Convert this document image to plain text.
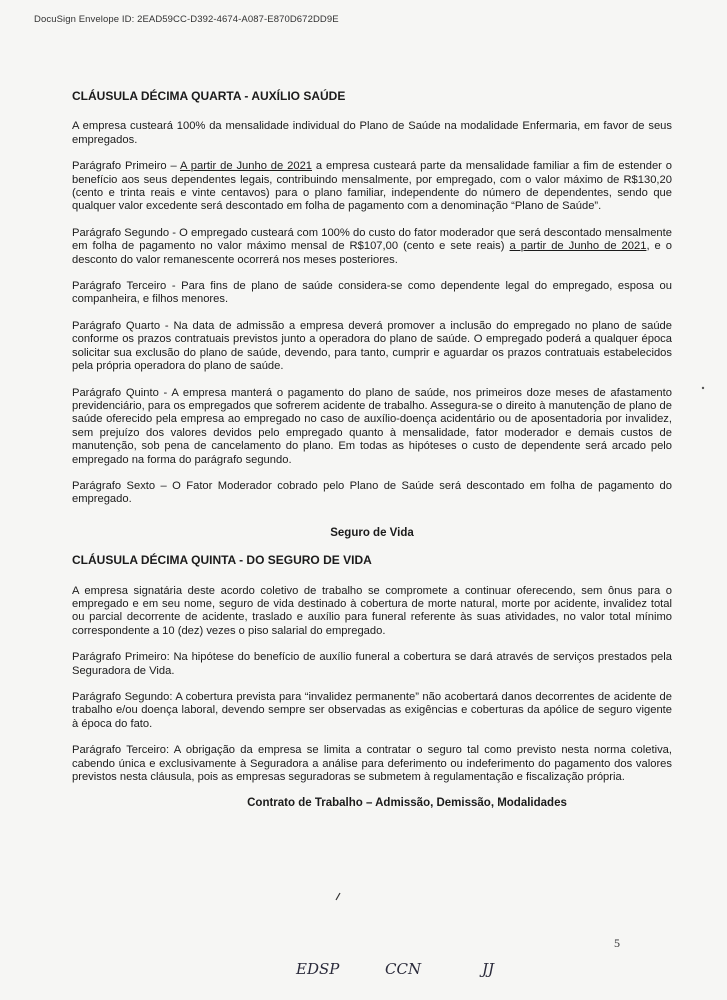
DocuSign Envelope ID: 2EAD59CC-D392-4674-A087-E870D672DD9E
CLÁUSULA DÉCIMA QUARTA - AUXÍLIO SAÚDE

A empresa custeará 100% da mensalidade individual do Plano de Saúde na modalidade Enfermaria, em favor de seus empregados.

Parágrafo Primeiro – A partir de Junho de 2021 a empresa custeará parte da mensalidade familiar a fim de estender o benefício aos seus dependentes legais, contribuindo mensalmente, por empregado, com o valor máximo de R$130,20 (cento e trinta reais e vinte centavos) para o plano familiar, independente do número de dependentes, sendo que qualquer valor excedente será descontado em folha de pagamento com a denominação “Plano de Saúde”.

Parágrafo Segundo - O empregado custeará com 100% do custo do fator moderador que será descontado mensalmente em folha de pagamento no valor máximo mensal de R$107,00 (cento e sete reais) a partir de Junho de 2021, e o desconto do valor remanescente ocorrerá nos meses posteriores.

Parágrafo Terceiro - Para fins de plano de saúde considera-se como dependente legal do empregado, esposa ou companheira, e filhos menores.

Parágrafo Quarto - Na data de admissão a empresa deverá promover a inclusão do empregado no plano de saúde conforme os prazos contratuais previstos junto a operadora do plano de saúde. O empregado poderá a qualquer época solicitar sua exclusão do plano de saúde, devendo, para tanto, cumprir e aguardar os prazos contratuais estabelecidos pela própria operadora do plano de saúde.

Parágrafo Quinto - A empresa manterá o pagamento do plano de saúde, nos primeiros doze meses de afastamento previdenciário, para os empregados que sofrerem acidente de trabalho. Assegura-se o direito à manutenção de plano de saúde oferecido pela empresa ao empregado no caso de auxílio-doença acidentário ou de aposentadoria por invalidez, sem prejuízo dos valores devidos pelo empregado quanto à mensalidade, fator moderador e demais custos de manutenção, sob pena de cancelamento do plano. Em todas as hipóteses o custo de dependente será arcado pelo empregado na forma do parágrafo segundo.

Parágrafo Sexto – O Fator Moderador cobrado pelo Plano de Saúde será descontado em folha de pagamento do empregado.

Seguro de Vida
CLÁUSULA DÉCIMA QUINTA - DO SEGURO DE VIDA

A empresa signatária deste acordo coletivo de trabalho se compromete a continuar oferecendo, sem ônus para o empregado e em seu nome, seguro de vida destinado à cobertura de morte natural, morte por acidente, invalidez total ou parcial decorrente de acidente, traslado e auxílio para funeral referente às suas atividades, no valor total mínimo correspondente a 10 (dez) vezes o piso salarial do empregado.

Parágrafo Primeiro: Na hipótese do benefício de auxílio funeral a cobertura se dará através de serviços prestados pela Seguradora de Vida.

Parágrafo Segundo: A cobertura prevista para “invalidez permanente” não acobertará danos decorrentes de acidente de trabalho e/ou doença laboral, devendo sempre ser observadas as exigências e coberturas da apólice de seguro vigente à época do fato.

Parágrafo Terceiro: A obrigação da empresa se limita a contratar o seguro tal como previsto nesta norma coletiva, cabendo única e exclusivamente à Seguradora a análise para deferimento ou indeferimento do pagamento dos valores previstos nesta cláusula, pois as empresas seguradoras se submetem à regulamentação e fiscalização própria.

Contrato de Trabalho – Admissão, Demissão, Modalidades
5
EDSP	CCN	JJ
